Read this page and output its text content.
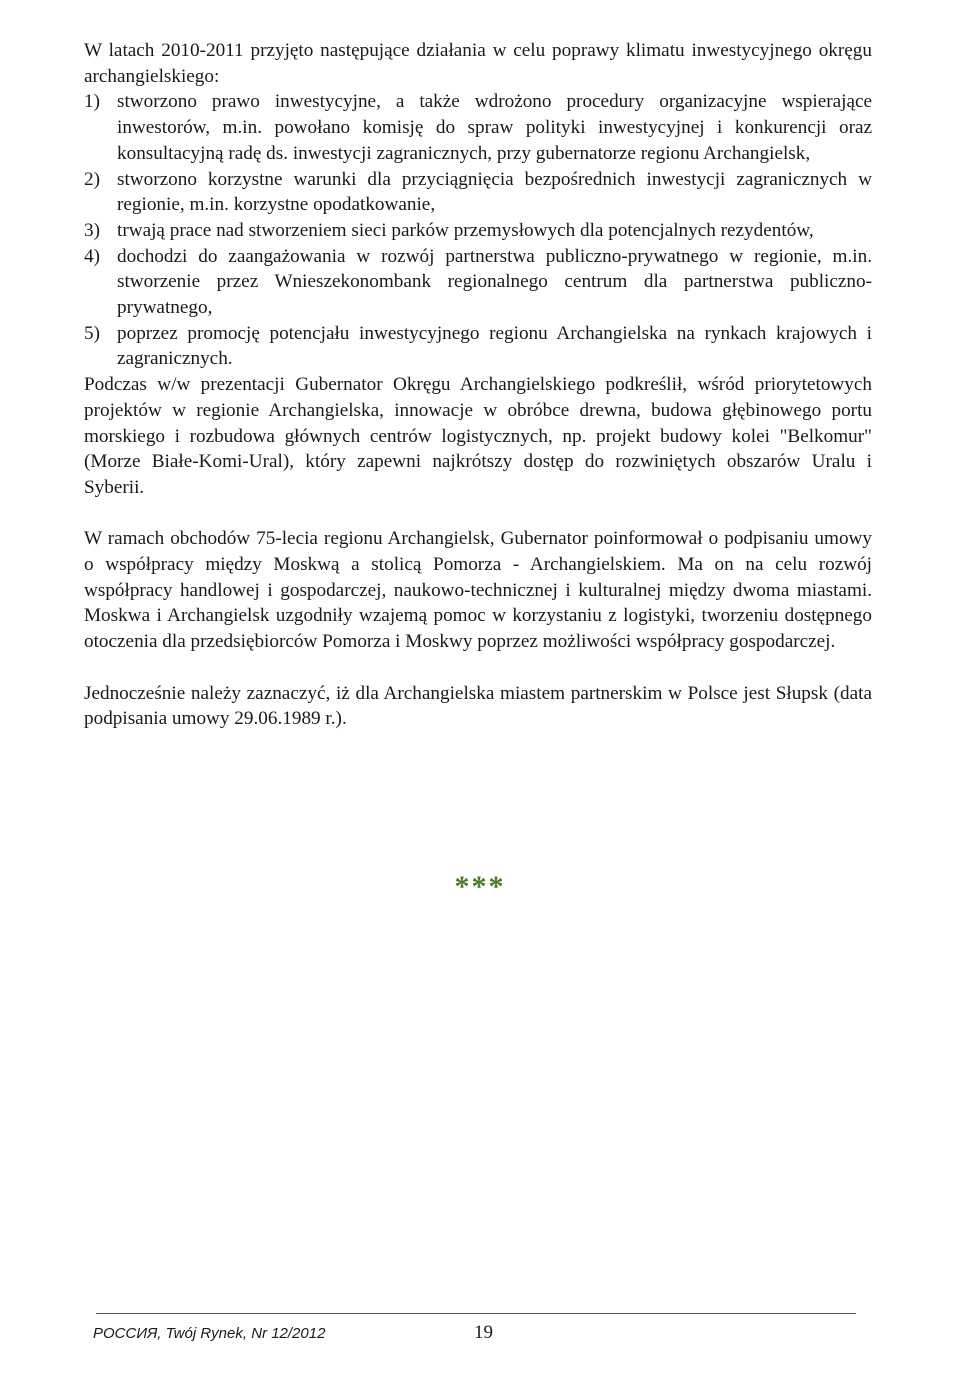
W latach 2010-2011 przyjęto następujące działania w celu poprawy klimatu inwestycyjnego okręgu archangielskiego:

1) stworzono prawo inwestycyjne, a także wdrożono procedury organizacyjne wspierające inwestorów, m.in. powołano komisję do spraw polityki inwestycyjnej i konkurencji oraz konsultacyjną radę ds. inwestycji zagranicznych, przy gubernatorze regionu Archangielsk,
2) stworzono korzystne warunki dla przyciągnięcia bezpośrednich inwestycji zagranicznych w regionie, m.in. korzystne opodatkowanie,
3) trwają prace nad stworzeniem sieci parków przemysłowych dla potencjalnych rezydentów,
4) dochodzi do zaangażowania w rozwój partnerstwa publiczno-prywatnego w regionie, m.in. stworzenie przez Wnieszekonombank regionalnego centrum dla partnerstwa publiczno-prywatnego,
5) poprzez promocję potencjału inwestycyjnego regionu Archangielska na rynkach krajowych i zagranicznych.

Podczas w/w prezentacji Gubernator Okręgu Archangielskiego podkreślił, wśród priorytetowych projektów w regionie Archangielska, innowacje w obróbce drewna, budowa głębinowego portu morskiego i rozbudowa głównych centrów logistycznych, np. projekt budowy kolei "Belkomur" (Morze Białe-Komi-Ural), który zapewni najkrótszy dostęp do rozwiniętych obszarów Uralu i Syberii.

W ramach obchodów 75-lecia regionu Archangielsk, Gubernator poinformował o podpisaniu umowy o współpracy między Moskwą a stolicą Pomorza - Archangielskiem. Ma on na celu rozwój współpracy handlowej i gospodarczej, naukowo-technicznej i kulturalnej między dwoma miastami. Moskwa i Archangielsk uzgodniły wzajemą pomoc w korzystaniu z logistyki, tworzeniu dostępnego otoczenia dla przedsiębiorców Pomorza i Moskwy poprzez możliwości współpracy gospodarczej.

Jednocześnie należy zaznaczyć, iż dla Archangielska miastem partnerskim w Polsce jest Słupsk (data podpisania umowy 29.06.1989 r.).

***
РОССИЯ, Twój Rynek, Nr 12/2012	19
